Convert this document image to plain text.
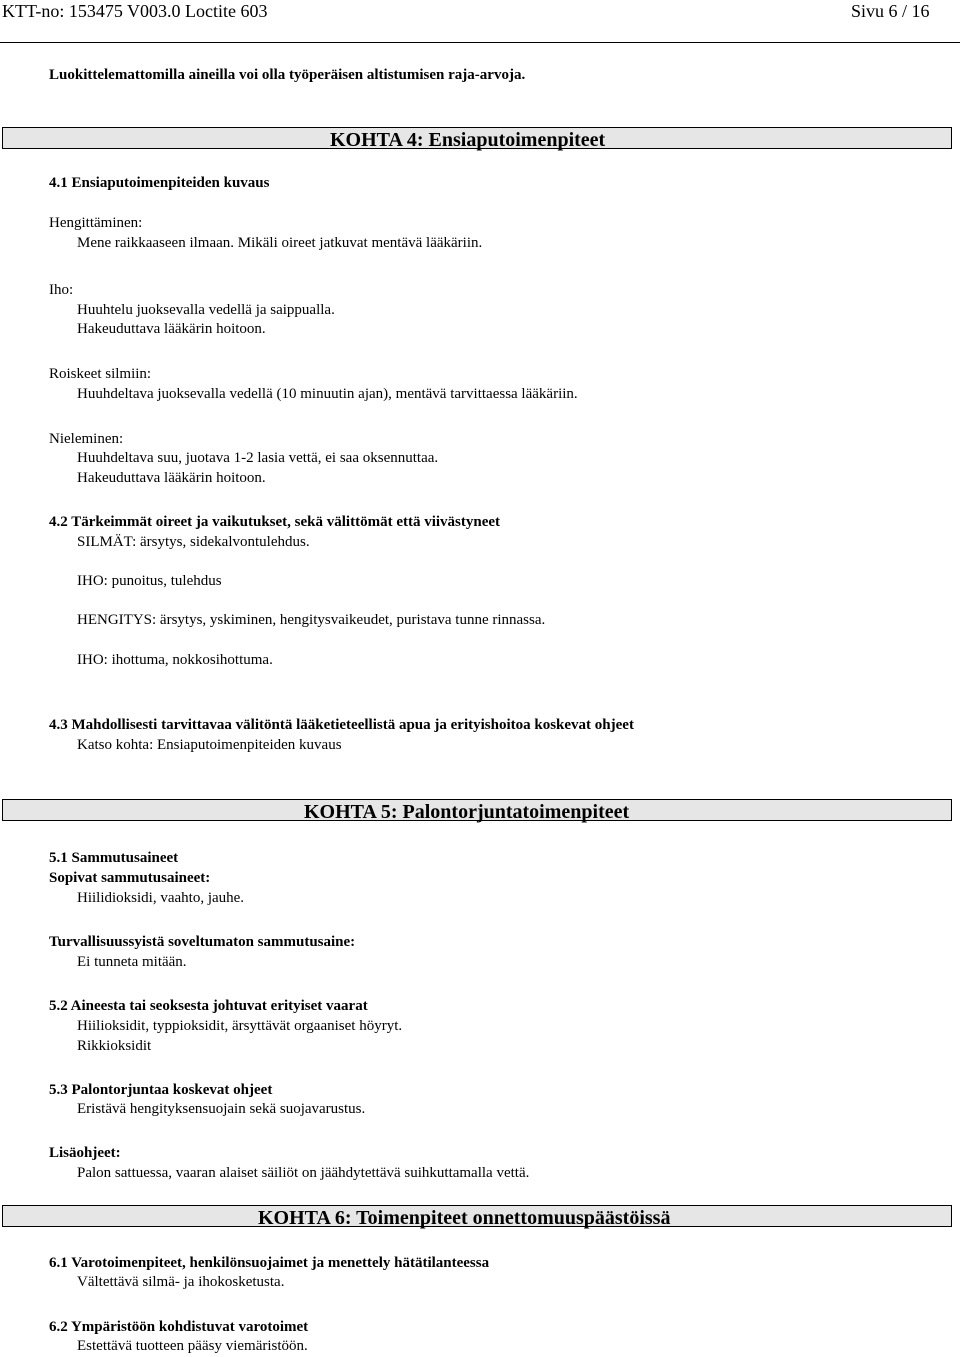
KTT-no: 153475 V003.0 Loctite 603	Sivu 6 / 16
Luokittelemattomilla aineilla voi olla työperäisen altistumisen raja-arvoja.
KOHTA 4: Ensiaputoimenpiteet
4.1 Ensiaputoimenpiteiden kuvaus
Hengittäminen:
Mene raikkaaseen ilmaan. Mikäli oireet jatkuvat mentävä lääkäriin.
Iho:
Huuhtelu juoksevalla vedellä ja saippualla.
Hakeuduttava lääkärin hoitoon.
Roiskeet silmiin:
Huuhdeltava juoksevalla vedellä (10 minuutin ajan), mentävä tarvittaessa lääkäriin.
Nieleminen:
Huuhdeltava suu, juotava 1-2 lasia vettä, ei saa oksennuttaa.
Hakeuduttava lääkärin hoitoon.
4.2 Tärkeimmät oireet ja vaikutukset, sekä välittömät että viivästyneet
SILMÄT: ärsytys, sidekalvontulehdus.
IHO: punoitus, tulehdus
HENGITYS: ärsytys, yskiminen, hengitysvaikeudet, puristava tunne rinnassa.
IHO: ihottuma, nokkosihottuma.
4.3 Mahdollisesti tarvittavaa välitöntä lääketieteellistä apua ja erityishoitoa koskevat ohjeet
Katso kohta: Ensiaputoimenpiteiden kuvaus
KOHTA 5: Palontorjuntatoimenpiteet
5.1 Sammutusaineet
Sopivat sammutusaineet:
Hiilidioksidi, vaahto, jauhe.
Turvallisuussyistä soveltumaton sammutusaine:
Ei tunneta mitään.
5.2 Aineesta tai seoksesta johtuvat erityiset vaarat
Hiilioksidit, typpioksidit, ärsyttävät orgaaniset höyryt.
Rikkioksidit
5.3 Palontorjuntaa koskevat ohjeet
Eristävä hengityksensuojain sekä suojavarustus.
Lisäohjeet:
Palon sattuessa, vaaran alaiset säiliöt on jäähdytettävä suihkuttamalla vettä.
KOHTA 6: Toimenpiteet onnettomuuspäästöissä
6.1 Varotoimenpiteet, henkilönsuojaimet ja menettely hätätilanteessa
Vältettävä silmä- ja ihokosketusta.
6.2 Ympäristöön kohdistuvat varotoimet
Estettävä tuotteen pääsy viemäristöön.
